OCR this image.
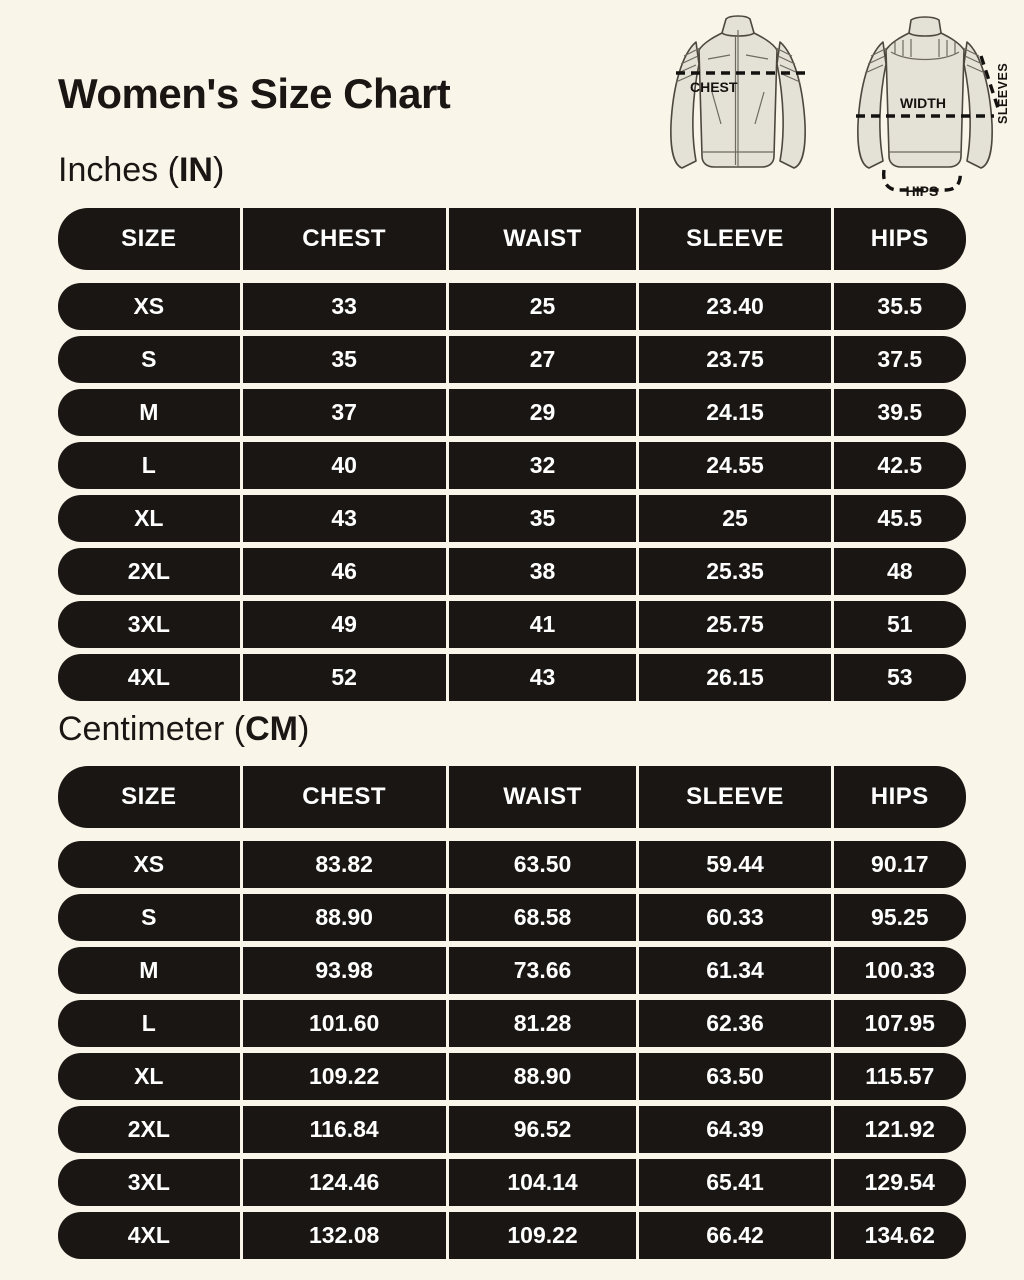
CHEST
WIDTH
HIPS
SLEEVES
Women's Size Chart
Inches (IN)
SIZE	CHEST	WAIST	SLEEVE	HIPS
XS	33	25	23.40	35.5
S	35	27	23.75	37.5
M	37	29	24.15	39.5
L	40	32	24.55	42.5
XL	43	35	25	45.5
2XL	46	38	25.35	48
3XL	49	41	25.75	51
4XL	52	43	26.15	53
Centimeter (CM)
SIZE	CHEST	WAIST	SLEEVE	HIPS
XS	83.82	63.50	59.44	90.17
S	88.90	68.58	60.33	95.25
M	93.98	73.66	61.34	100.33
L	101.60	81.28	62.36	107.95
XL	109.22	88.90	63.50	115.57
2XL	116.84	96.52	64.39	121.92
3XL	124.46	104.14	65.41	129.54
4XL	132.08	109.22	66.42	134.62
